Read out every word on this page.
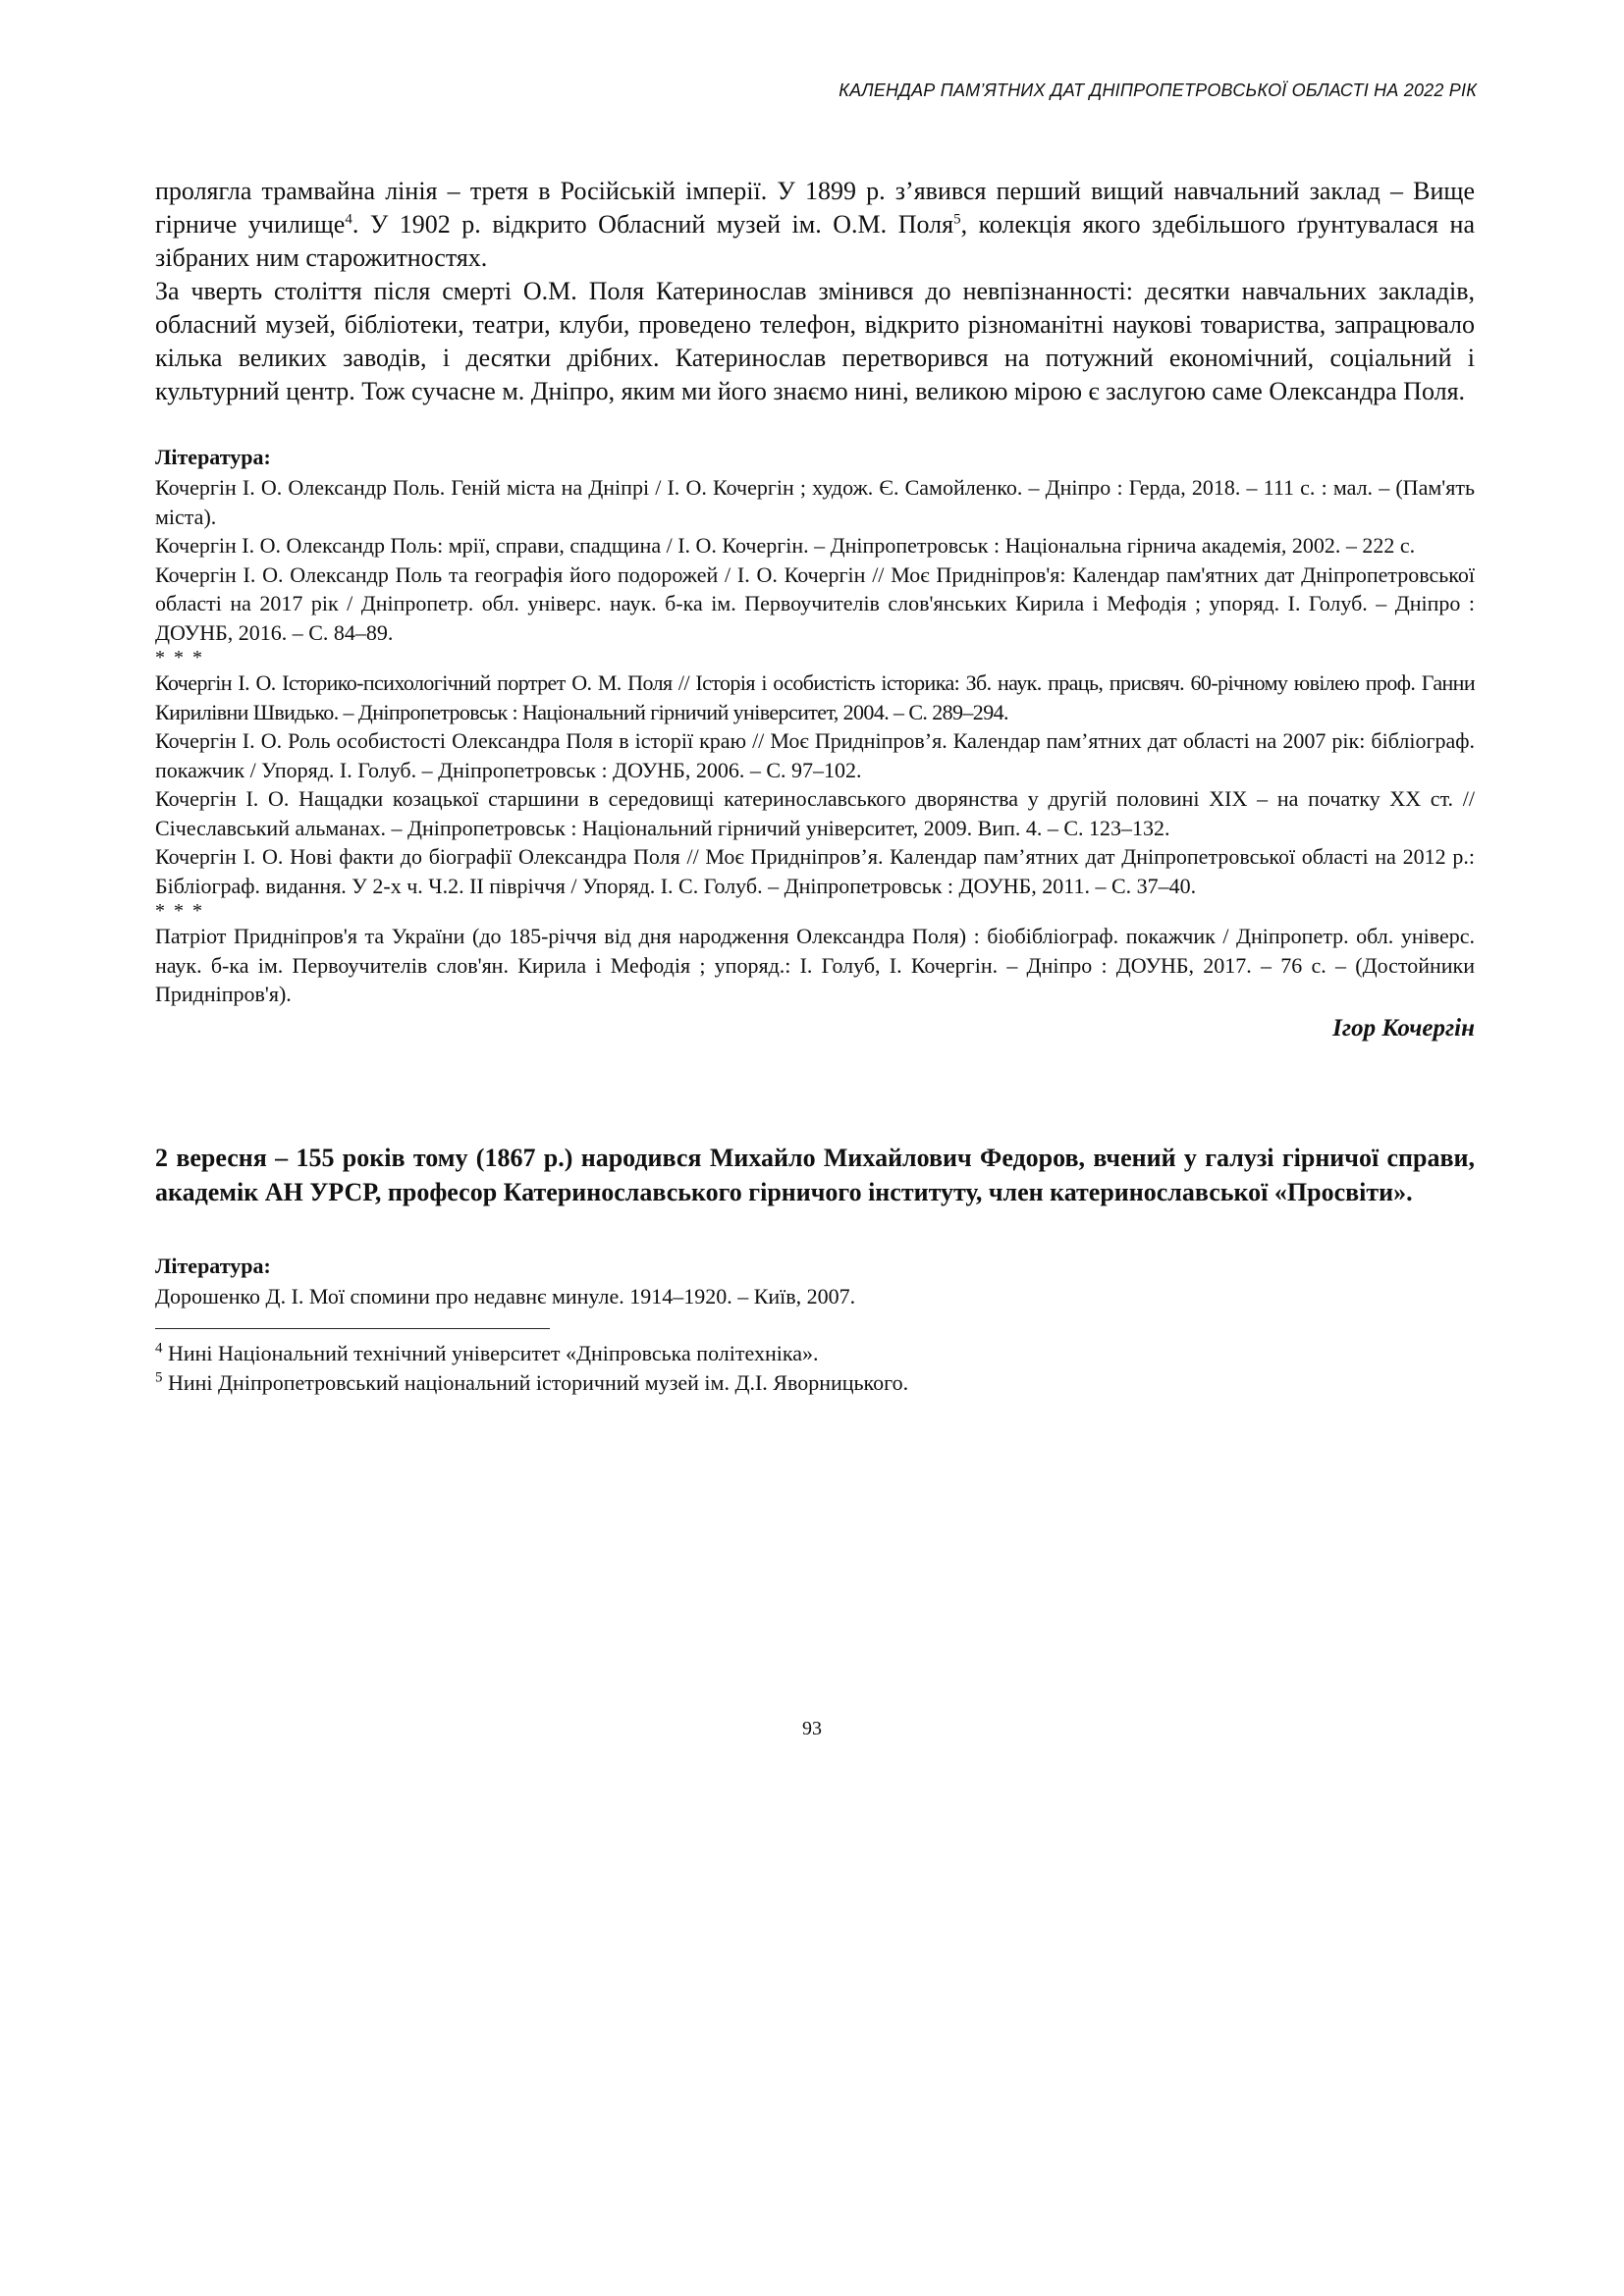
КАЛЕНДАР ПАМ’ЯТНИХ ДАТ ДНІПРОПЕТРОВСЬКОЇ ОБЛАСТІ НА 2022 РІК

пролягла трамвайна лінія – третя в Російській імперії. У 1899 р. з’явився перший вищий навчальний заклад – Вище гірниче училище$^4$. У 1902 р. відкрито Обласний музей ім. О.М. Поля$^5$, колекція якого здебільшого ґрунтувалася на зібраних ним старожитностях.

За чверть століття після смерті О.М. Поля Катеринослав змінився до невпізнанності: десятки навчальних закладів, обласний музей, бібліотеки, театри, клуби, проведено телефон, відкрито різноманітні наукові товариства, запрацювало кілька великих заводів, і десятки дрібних. Катеринослав перетворився на потужний економічний, соціальний і культурний центр. Тож сучасне м. Дніпро, яким ми його знаємо нині, великою мірою є заслугою саме Олександра Поля.

Література:

Кочергін І. О. Олександр Поль. Геній міста на Дніпрі / І. О. Кочергін ; худож. Є. Самойленко. – Дніпро : Герда, 2018. – 111 с. : мал. – (Пам'ять міста).

Кочергін І. О. Олександр Поль: мрії, справи, спадщина / І. О. Кочергін. – Дніпропетровськ : Національна гірнича академія, 2002. – 222 с.

Кочергін І. О. Олександр Поль та географія його подорожей / І. О. Кочергін // Моє Придніпров'я: Календар пам'ятних дат Дніпропетровської області на 2017 рік / Дніпропетр. обл. універс. наук. б-ка ім. Первоучителів слов'янських Кирила і Мефодія ; упоряд. І. Голуб. – Дніпро : ДОУНБ, 2016. – С. 84–89.

* * *

Кочергін І. О. Історико-психологічний портрет О. М. Поля // Історія і особистість історика: Зб. наук. праць, присвяч. 60-річному ювілею проф. Ганни Кирилівни Швидько. – Дніпропетровськ : Національний гірничий університет, 2004. – С. 289–294.

Кочергін І. О. Роль особистості Олександра Поля в історії краю // Моє Придніпров’я. Календар пам’ятних дат області на 2007 рік: бібліограф. покажчик / Упоряд. І. Голуб. – Дніпропетровськ : ДОУНБ, 2006. – С. 97–102.

Кочергін І. О. Нащадки козацької старшини в середовищі катеринославського дворянства у другій половині XIX – на початку XX ст. // Січеславський альманах. – Дніпропетровськ : Національний гірничий університет, 2009. Вип. 4. – С. 123–132.

Кочергін І. О. Нові факти до біографії Олександра Поля // Моє Придніпров’я. Календар пам’ятних дат Дніпропетровської області на 2012 р.: Бібліограф. видання. У 2-х ч. Ч.2. II півріччя / Упоряд. І. С. Голуб. – Дніпропетровськ : ДОУНБ, 2011. – С. 37–40.

* * *

Патріот Придніпров'я та України (до 185-річчя від дня народження Олександра Поля) : біобібліограф. покажчик / Дніпропетр. обл. універс. наук. б-ка ім. Первоучителів слов'ян. Кирила і Мефодія ; упоряд.: І. Голуб, І. Кочергін. – Дніпро : ДОУНБ, 2017. – 76 с. – (Достойники Придніпров'я).

Ігор Кочергін

2 вересня – 155 років тому (1867 р.) народився Михайло Михайлович Федоров, вчений у галузі гірничої справи, академік АН УРСР, професор Катеринославського гірничого інституту, член катеринославської «Просвіти».

Література:

Дорошенко Д. І. Мої спомини про недавнє минуле. 1914–1920. – Київ, 2007.

$^4$ Нині Національний технічний університет «Дніпровська політехніка».

$^5$ Нині Дніпропетровський національний історичний музей ім. Д.І. Яворницького.

93
